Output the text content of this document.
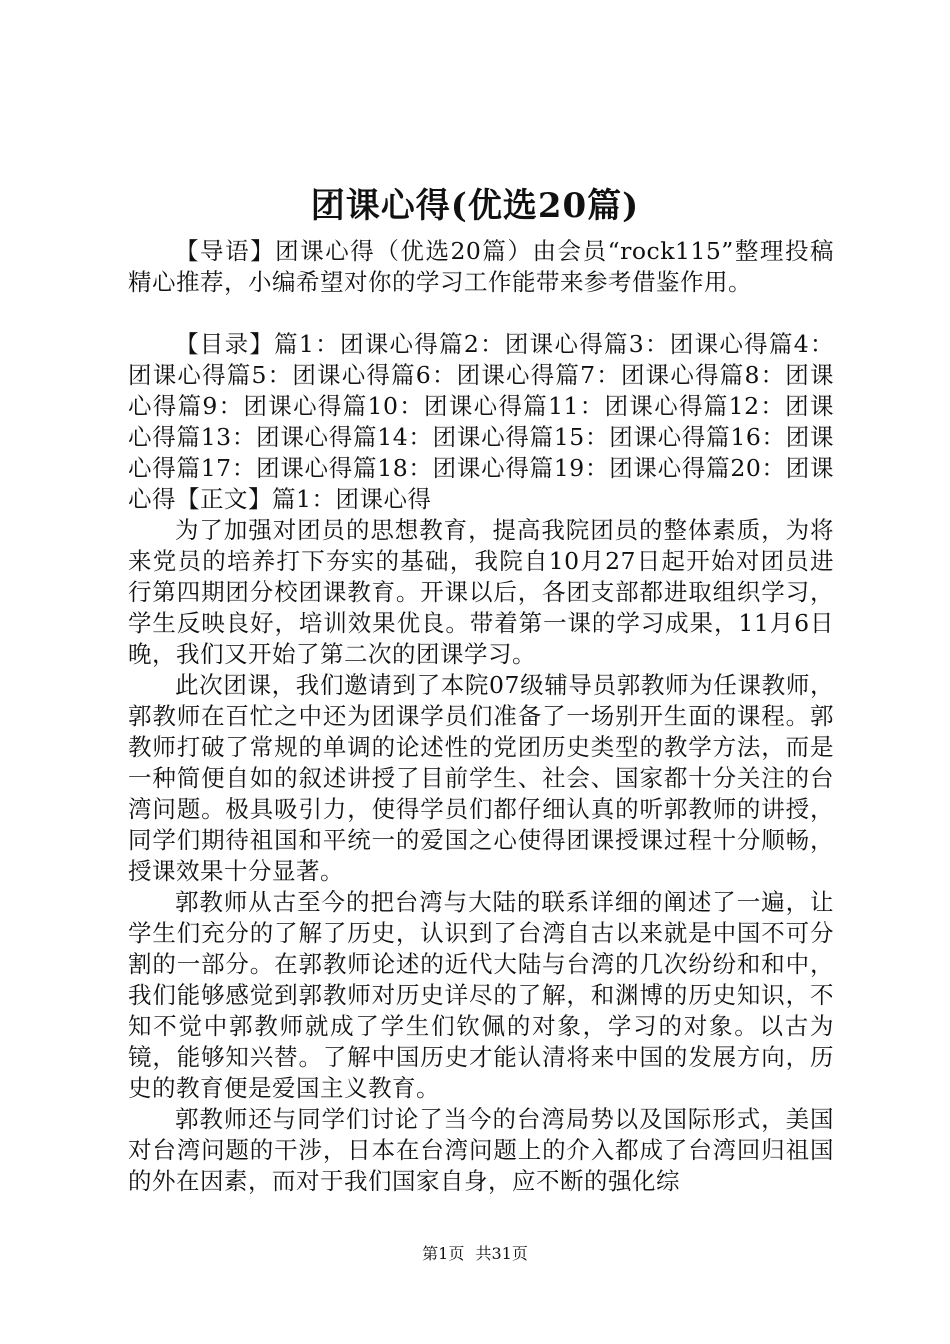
团课心得(优选20篇)

【导语】团课心得（优选20篇）由会员“rock115”整理投稿精心推荐，小编希望对你的学习工作能带来参考借鉴作用。

【目录】篇1：团课心得篇2：团课心得篇3：团课心得篇4：团课心得篇5：团课心得篇6：团课心得篇7：团课心得篇8：团课心得篇9：团课心得篇10：团课心得篇11：团课心得篇12：团课心得篇13：团课心得篇14：团课心得篇15：团课心得篇16：团课心得篇17：团课心得篇18：团课心得篇19：团课心得篇20：团课心得【正文】篇1：团课心得

为了加强对团员的思想教育，提高我院团员的整体素质，为将来党员的培养打下夯实的基础，我院自10月27日起开始对团员进行第四期团分校团课教育。开课以后，各团支部都进取组织学习，学生反映良好，培训效果优良。带着第一课的学习成果，11月6日晚，我们又开始了第二次的团课学习。

此次团课，我们邀请到了本院07级辅导员郭教师为任课教师，郭教师在百忙之中还为团课学员们准备了一场别开生面的课程。郭教师打破了常规的单调的论述性的党团历史类型的教学方法，而是一种简便自如的叙述讲授了目前学生、社会、国家都十分关注的台湾问题。极具吸引力，使得学员们都仔细认真的听郭教师的讲授，同学们期待祖国和平统一的爱国之心使得团课授课过程十分顺畅，授课效果十分显著。

郭教师从古至今的把台湾与大陆的联系详细的阐述了一遍，让学生们充分的了解了历史，认识到了台湾自古以来就是中国不可分割的一部分。在郭教师论述的近代大陆与台湾的几次纷纷和和中，我们能够感觉到郭教师对历史详尽的了解，和渊博的历史知识，不知不觉中郭教师就成了学生们钦佩的对象，学习的对象。以古为镜，能够知兴替。了解中国历史才能认清将来中国的发展方向，历史的教育便是爱国主义教育。

郭教师还与同学们讨论了当今的台湾局势以及国际形式，美国对台湾问题的干涉，日本在台湾问题上的介入都成了台湾回归祖国的外在因素，而对于我们国家自身，应不断的强化综

第1页 共31页
